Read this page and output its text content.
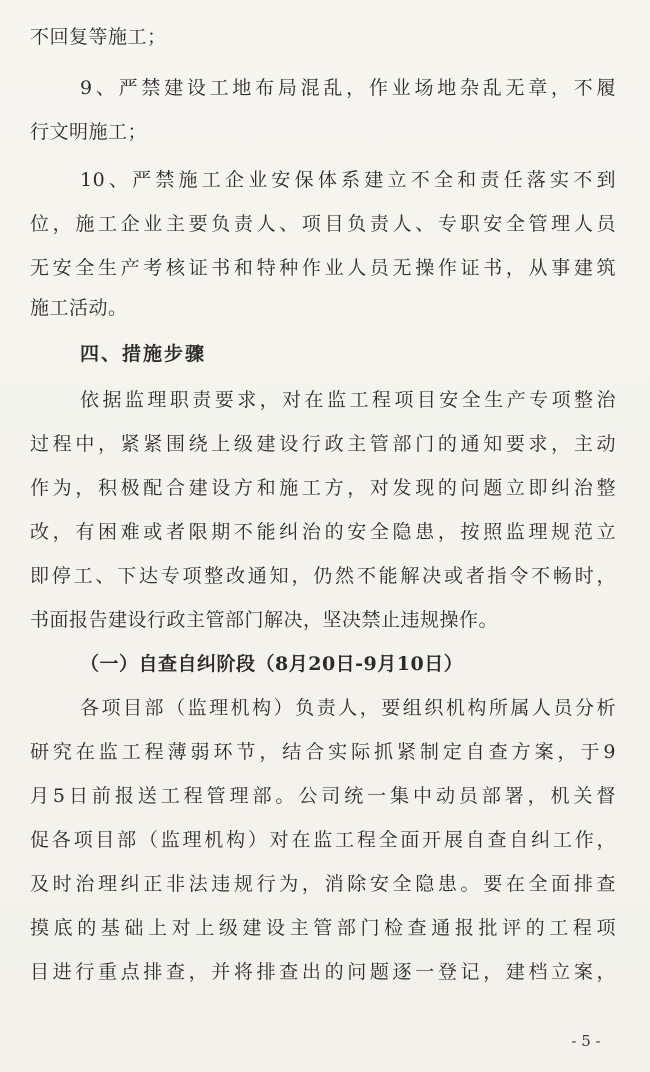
不回复等施工；
9、严禁建设工地布局混乱，作业场地杂乱无章，不履
行文明施工；
10、严禁施工企业安保体系建立不全和责任落实不到
位，施工企业主要负责人、项目负责人、专职安全管理人员
无安全生产考核证书和特种作业人员无操作证书，从事建筑
施工活动。
四、措施步骤
依据监理职责要求，对在监工程项目安全生产专项整治
过程中，紧紧围绕上级建设行政主管部门的通知要求，主动
作为，积极配合建设方和施工方，对发现的问题立即纠治整
改，有困难或者限期不能纠治的安全隐患，按照监理规范立
即停工、下达专项整改通知，仍然不能解决或者指令不畅时，
书面报告建设行政主管部门解决，坚决禁止违规操作。
（一）自查自纠阶段（8月20日-9月10日）
各项目部（监理机构）负责人，要组织机构所属人员分析
研究在监工程薄弱环节，结合实际抓紧制定自查方案，于9
月5日前报送工程管理部。公司统一集中动员部署，机关督
促各项目部（监理机构）对在监工程全面开展自查自纠工作，
及时治理纠正非法违规行为，消除安全隐患。要在全面排查
摸底的基础上对上级建设主管部门检查通报批评的工程项
目进行重点排查，并将排查出的问题逐一登记，建档立案，
- 5 -
